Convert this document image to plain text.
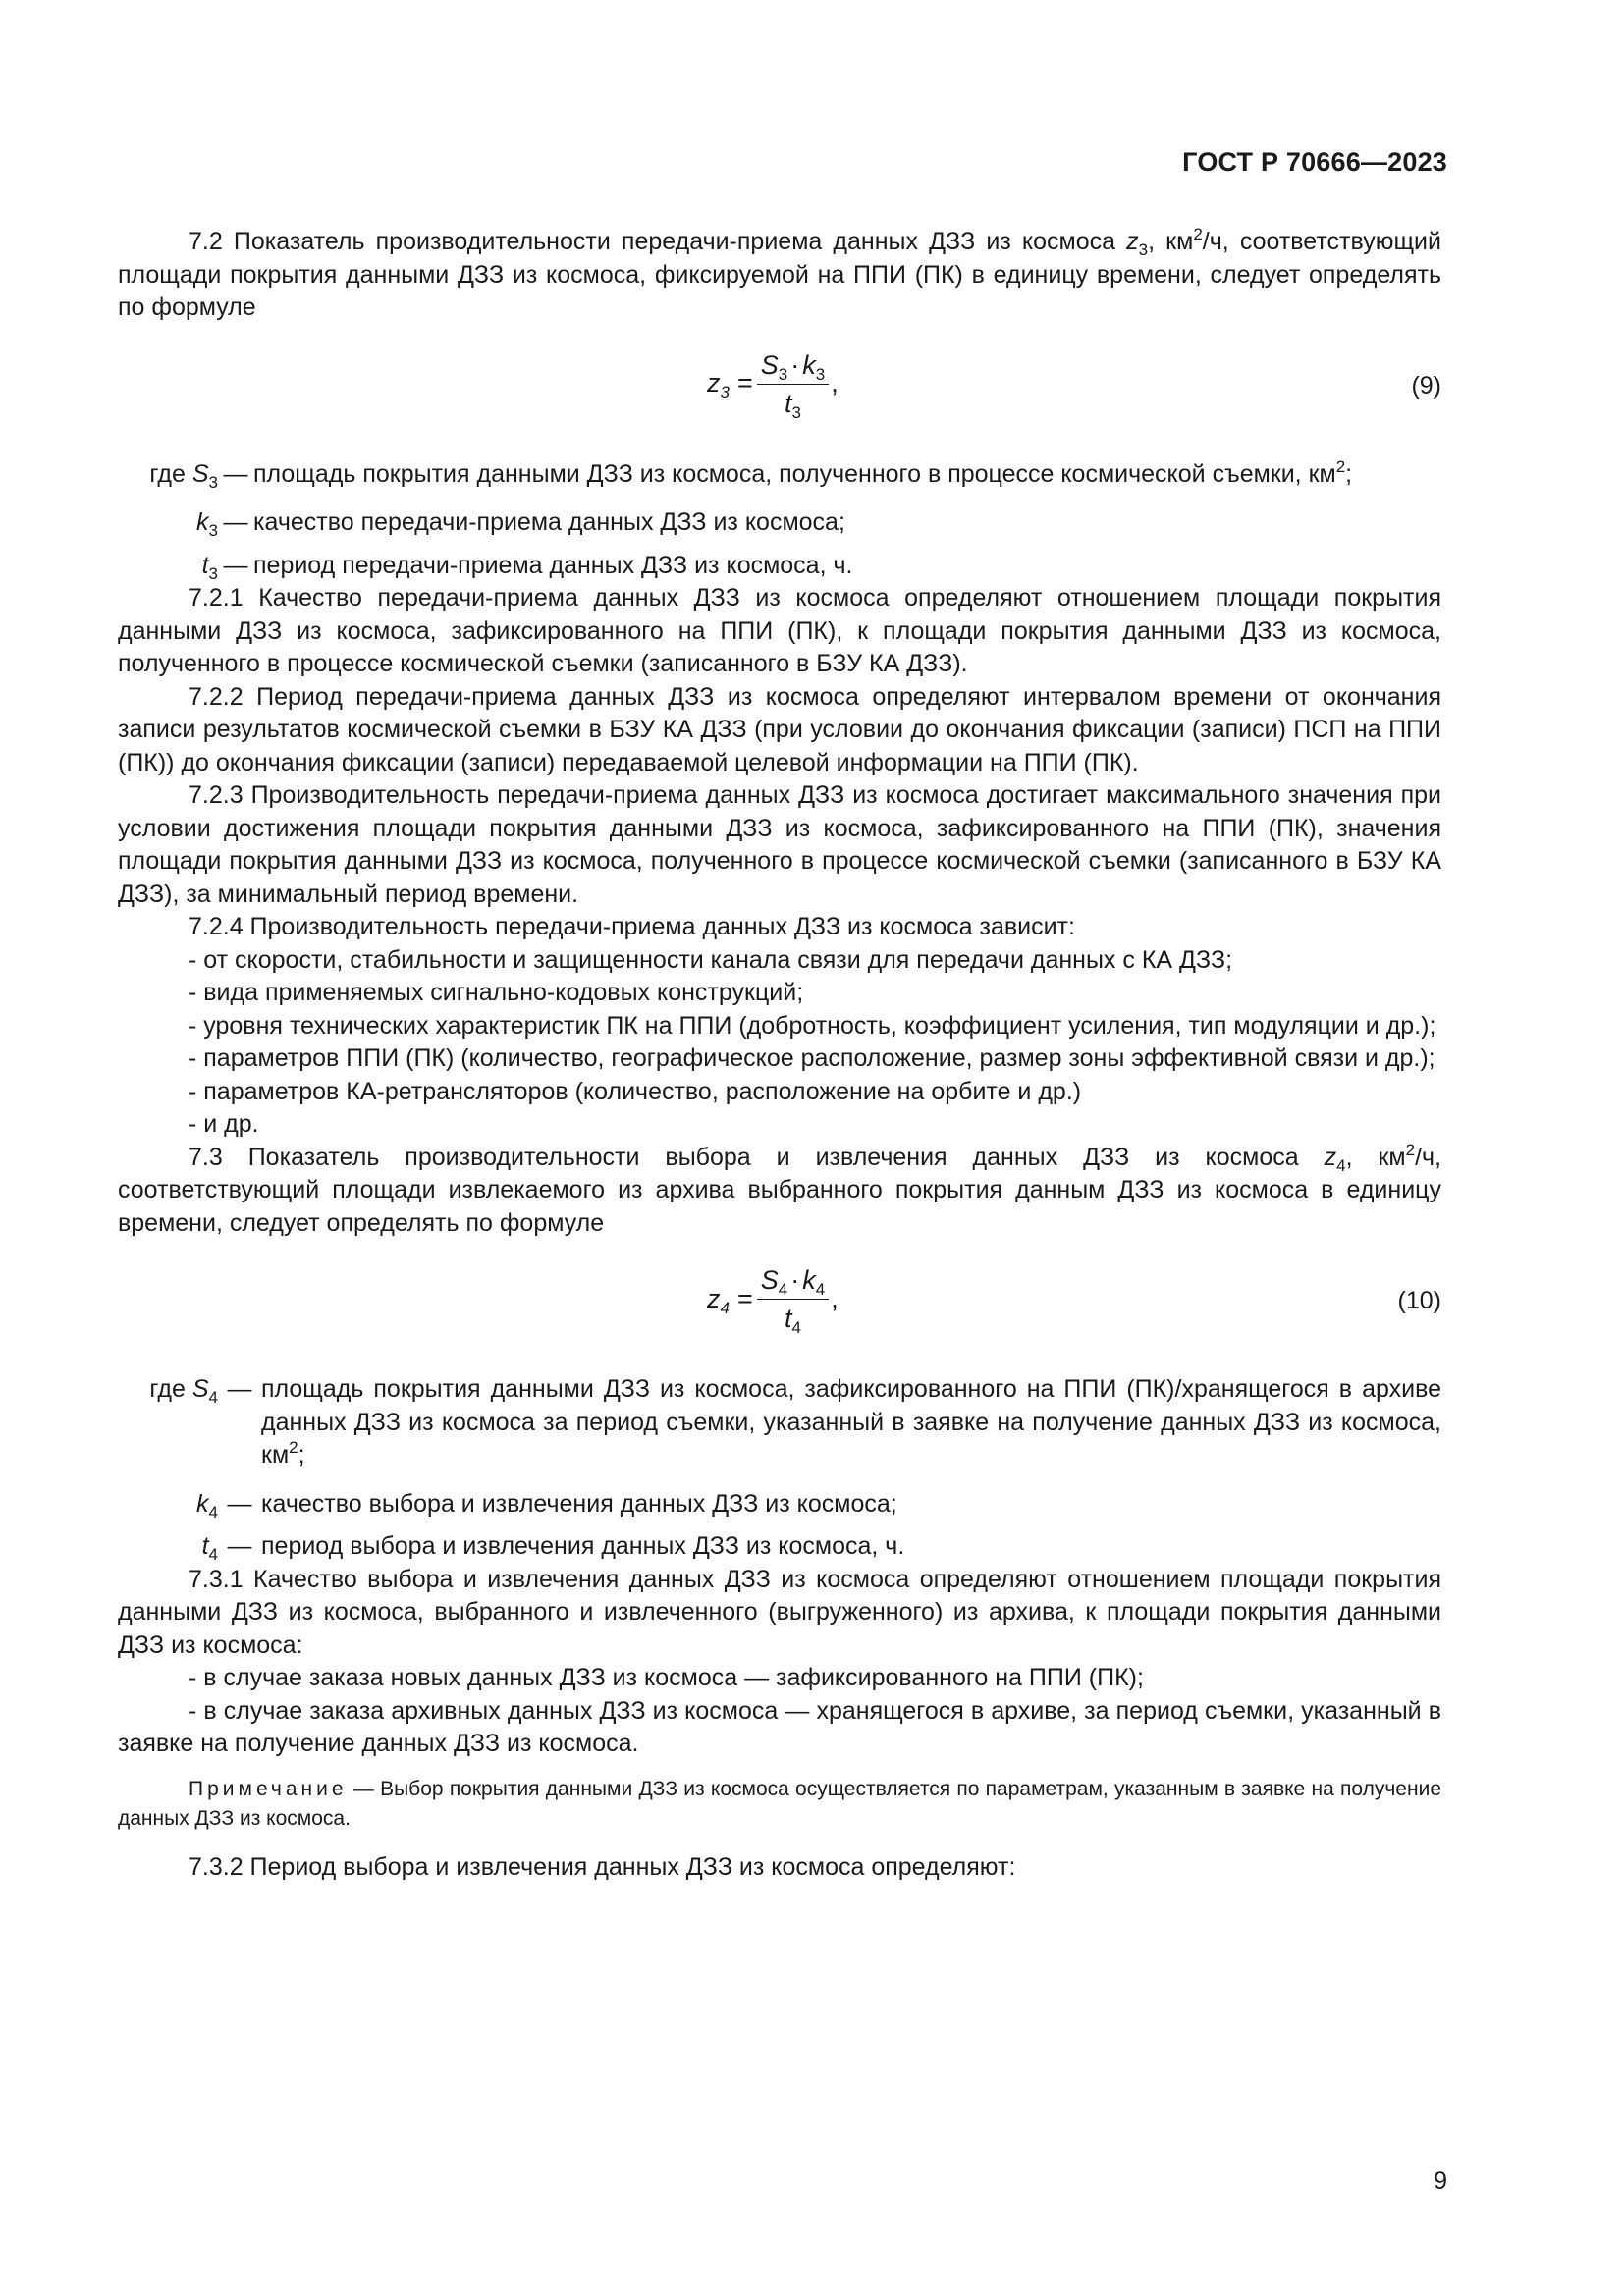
ГОСТ Р 70666—2023

7.2 Показатель производительности передачи-приема данных ДЗЗ из космоса $z_3$, $км^2/ч$, соответствующий площади покрытия данными ДЗЗ из космоса, фиксируемой на ППИ (ПК) в единицу времени, следует определять по формуле

$z_3 = \frac{S_3 \cdot k_3}{t_3}$ ,	(9)
где $S_3$ — площадь покрытия данными ДЗЗ из космоса, полученного в процессе космической съемки, $км^2$;
$k_3$ — качество передачи-приема данных ДЗЗ из космоса;
$t_3$ — период передачи-приема данных ДЗЗ из космоса, ч.

7.2.1 Качество передачи-приема данных ДЗЗ из космоса определяют отношением площади покрытия данными ДЗЗ из космоса, зафиксированного на ППИ (ПК), к площади покрытия данными ДЗЗ из космоса, полученного в процессе космической съемки (записанного в БЗУ КА ДЗЗ).

7.2.2 Период передачи-приема данных ДЗЗ из космоса определяют интервалом времени от окончания записи результатов космической съемки в БЗУ КА ДЗЗ (при условии до окончания фиксации (записи) ПСП на ППИ (ПК)) до окончания фиксации (записи) передаваемой целевой информации на ППИ (ПК).

7.2.3 Производительность передачи-приема данных ДЗЗ из космоса достигает максимального значения при условии достижения площади покрытия данными ДЗЗ из космоса, зафиксированного на ППИ (ПК), значения площади покрытия данными ДЗЗ из космоса, полученного в процессе космической съемки (записанного в БЗУ КА ДЗЗ), за минимальный период времени.

7.2.4 Производительность передачи-приема данных ДЗЗ из космоса зависит:

- от скорости, стабильности и защищенности канала связи для передачи данных с КА ДЗЗ;

- вида применяемых сигнально-кодовых конструкций;

- уровня технических характеристик ПК на ППИ (добротность, коэффициент усиления, тип модуляции и др.);

- параметров ППИ (ПК) (количество, географическое расположение, размер зоны эффективной связи и др.);

- параметров КА-ретрансляторов (количество, расположение на орбите и др.)

- и др.

7.3 Показатель производительности выбора и извлечения данных ДЗЗ из космоса $z_4$, $км^2/ч$, соответствующий площади извлекаемого из архива выбранного покрытия данным ДЗЗ из космоса в единицу времени, следует определять по формуле

$z_4 = \frac{S_4 \cdot k_4}{t_4}$ ,	(10)
где $S_4$ — площадь покрытия данными ДЗЗ из космоса, зафиксированного на ППИ (ПК)/хранящегося в архиве данных ДЗЗ из космоса за период съемки, указанный в заявке на получение данных ДЗЗ из космоса, $км^2$;
$k_4$ — качество выбора и извлечения данных ДЗЗ из космоса;
$t_4$ — период выбора и извлечения данных ДЗЗ из космоса, ч.

7.3.1 Качество выбора и извлечения данных ДЗЗ из космоса определяют отношением площади покрытия данными ДЗЗ из космоса, выбранного и извлеченного (выгруженного) из архива, к площади покрытия данными ДЗЗ из космоса:

- в случае заказа новых данных ДЗЗ из космоса — зафиксированного на ППИ (ПК);

- в случае заказа архивных данных ДЗЗ из космоса — хранящегося в архиве, за период съемки, указанный в заявке на получение данных ДЗЗ из космоса.

Примечание — Выбор покрытия данными ДЗЗ из космоса осуществляется по параметрам, указанным в заявке на получение данных ДЗЗ из космоса.

7.3.2 Период выбора и извлечения данных ДЗЗ из космоса определяют:

9
